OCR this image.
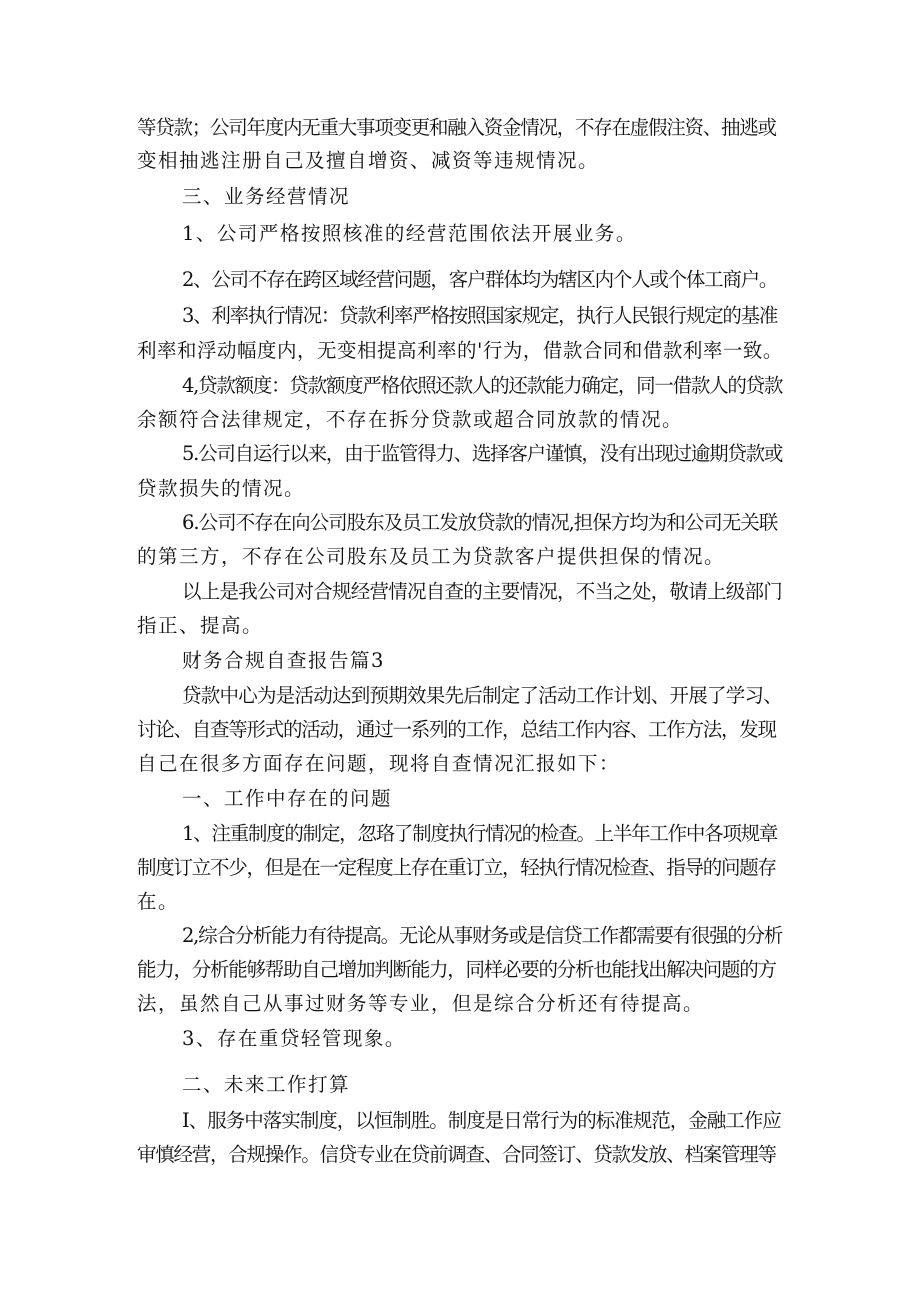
等贷款；公司年度内无重大事项变更和融入资金情况，不存在虚假注资、抽逃或
变相抽逃注册自己及擅自增资、减资等违规情况。
三、业务经营情况
1、公司严格按照核准的经营范围依法开展业务。
2、公司不存在跨区域经营问题，客户群体均为辖区内个人或个体工商户。
3、利率执行情况：贷款利率严格按照国家规定，执行人民银行规定的基准
利率和浮动幅度内，无变相提高利率的'行为，借款合同和借款利率一致。
4,贷款额度：贷款额度严格依照还款人的还款能力确定，同一借款人的贷款
余额符合法律规定，不存在拆分贷款或超合同放款的情况。
5.公司自运行以来，由于监管得力、选择客户谨慎，没有出现过逾期贷款或
贷款损失的情况。
6.公司不存在向公司股东及员工发放贷款的情况,担保方均为和公司无关联
的第三方，不存在公司股东及员工为贷款客户提供担保的情况。
以上是我公司对合规经营情况自查的主要情况，不当之处，敬请上级部门
指正、提高。
财务合规自查报告篇3
贷款中心为是活动达到预期效果先后制定了活动工作计划、开展了学习、
讨论、自查等形式的活动，通过一系列的工作，总结工作内容、工作方法，发现
自己在很多方面存在问题，现将自查情况汇报如下：
一、工作中存在的问题
1、注重制度的制定，忽珞了制度执行情况的检查。上半年工作中各项规章
制度订立不少，但是在一定程度上存在重订立，轻执行情况检查、指导的问题存
在。
2,综合分析能力有待提高。无论从事财务或是信贷工作都需要有很强的分析
能力，分析能够帮助自己增加判断能力，同样必要的分析也能找出解决问题的方
法，虽然自己从事过财务等专业，但是综合分析还有待提高。
3、存在重贷轻管现象。
二、未来工作打算
I、服务中落实制度，以恒制胜。制度是日常行为的标准规范，金融工作应
审慎经营，合规操作。信贷专业在贷前调查、合同签订、贷款发放、档案管理等
